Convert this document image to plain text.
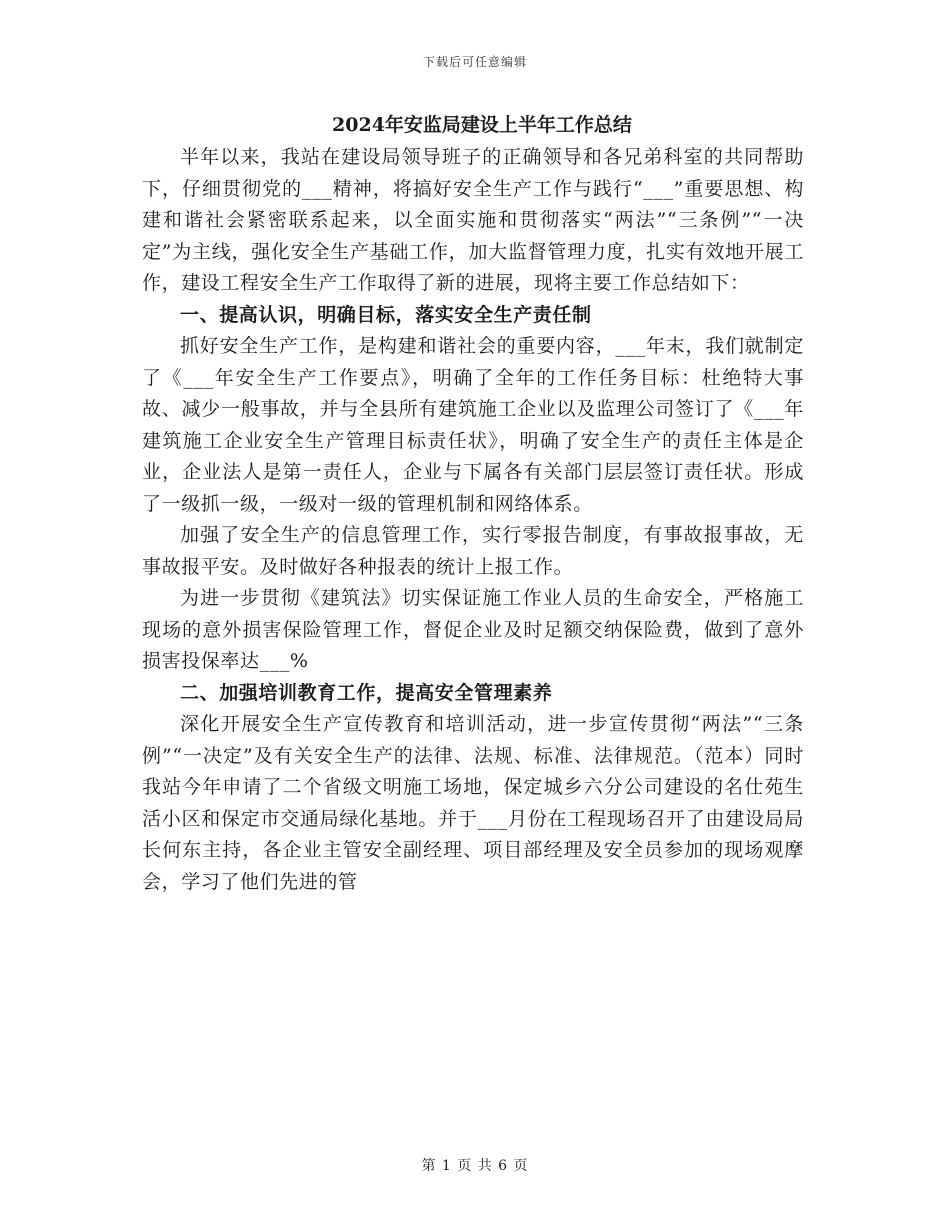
下载后可任意编辑
2024年安监局建设上半年工作总结

半年以来，我站在建设局领导班子的正确领导和各兄弟科室的共同帮助下，仔细贯彻党的___精神，将搞好安全生产工作与践行“___”重要思想、构建和谐社会紧密联系起来，以全面实施和贯彻落实“两法”“三条例”“一决定”为主线，强化安全生产基础工作，加大监督管理力度，扎实有效地开展工作，建设工程安全生产工作取得了新的进展，现将主要工作总结如下：

一、提高认识，明确目标，落实安全生产责任制

抓好安全生产工作，是构建和谐社会的重要内容，___年末，我们就制定了《___年安全生产工作要点》，明确了全年的工作任务目标：杜绝特大事故、减少一般事故，并与全县所有建筑施工企业以及监理公司签订了《___年建筑施工企业安全生产管理目标责任状》，明确了安全生产的责任主体是企业，企业法人是第一责任人，企业与下属各有关部门层层签订责任状。形成了一级抓一级，一级对一级的管理机制和网络体系。

加强了安全生产的信息管理工作，实行零报告制度，有事故报事故，无事故报平安。及时做好各种报表的统计上报工作。

为进一步贯彻《建筑法》切实保证施工作业人员的生命安全，严格施工现场的意外损害保险管理工作，督促企业及时足额交纳保险费，做到了意外损害投保率达___%

二、加强培训教育工作，提高安全管理素养

深化开展安全生产宣传教育和培训活动，进一步宣传贯彻“两法”“三条例”“一决定”及有关安全生产的法律、法规、标准、法律规范。（范本）同时我站今年申请了二个省级文明施工场地，保定城乡六分公司建设的名仕苑生活小区和保定市交通局绿化基地。并于___月份在工程现场召开了由建设局局长何东主持，各企业主管安全副经理、项目部经理及安全员参加的现场观摩会，学习了他们先进的管

第 1 页 共 6 页
